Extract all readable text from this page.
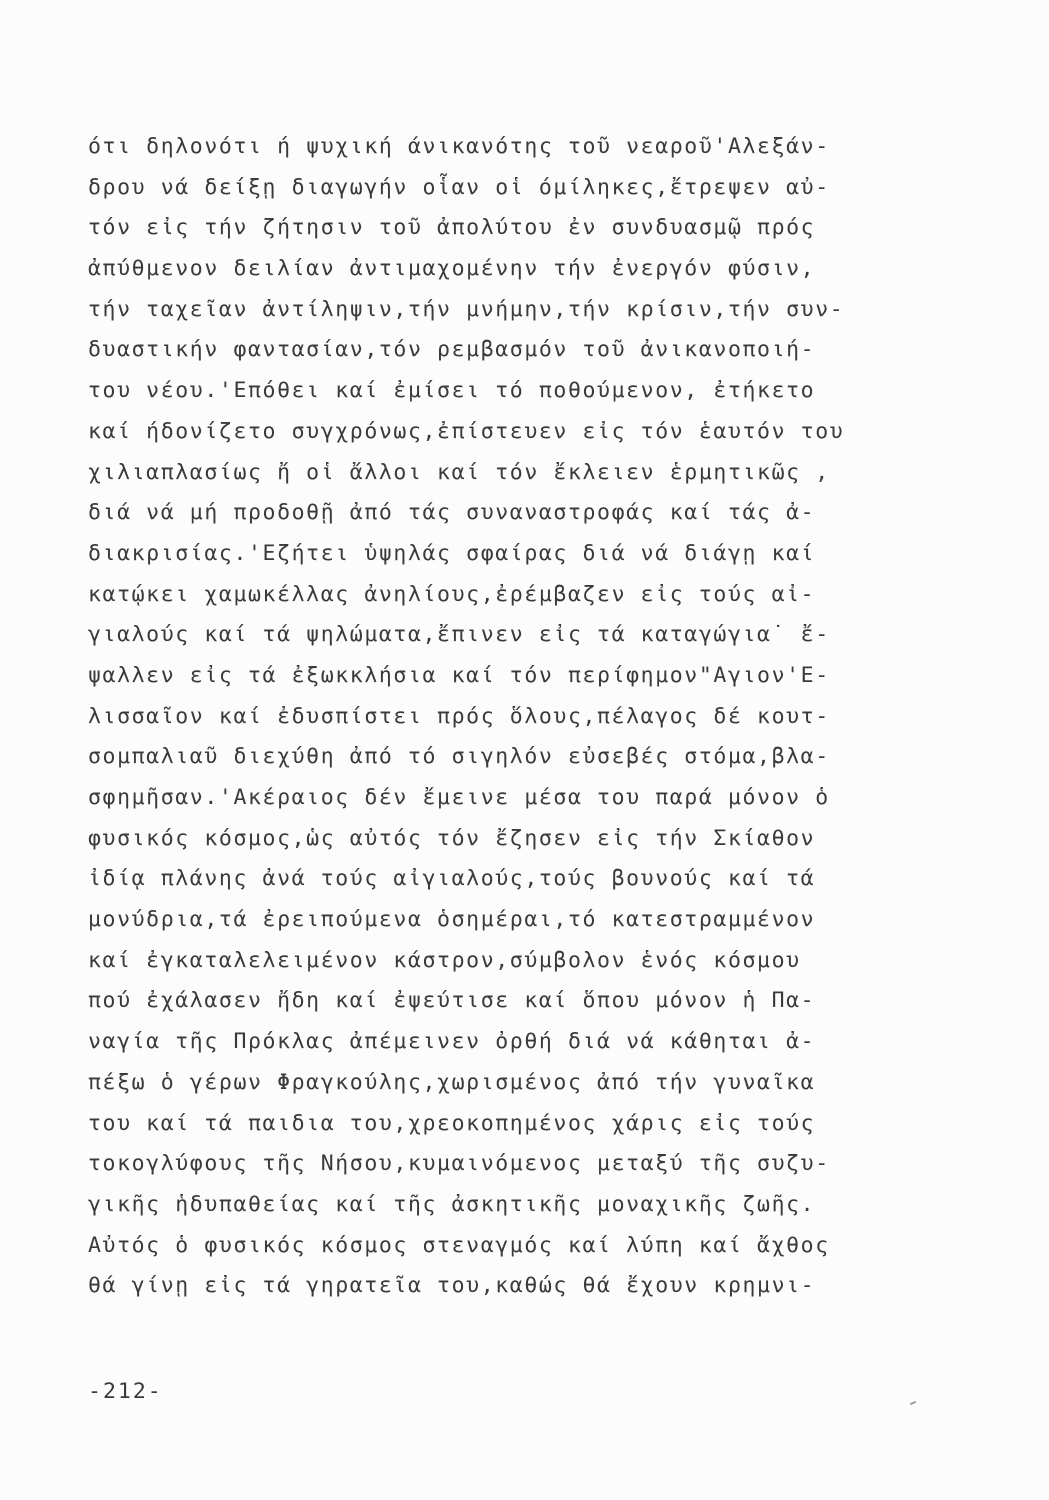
ότι δηλονότι ή ψυχική άνικανότης τοῦ νεαροῦ'Αλεξάν-
δρου νά δείξῃ διαγωγήν οἷαν οἱ όμίληκες,ἔτρεψεν αὐ-
τόν εἰς τήν ζήτησιν τοῦ ἀπολύτου ἐν συνδυασμῷ πρός
ἀπύθμενον δειλίαν ἀντιμαχομένην τήν ἐνεργόν φύσιν,
τήν ταχεῖαν ἀντίληψιν,τήν μνήμην,τήν κρίσιν,τήν συν-
δυαστικήν φαντασίαν,τόν ρεμβασμόν τοῦ ἀνικανοποιή-
του νέου.'Επόθει καί ἐμίσει τό ποθούμενον, ἐτήκετο
καί ήδονίζετο συγχρόνως,ἐπίστευεν εἰς τόν ἑαυτόν του
χιλιαπλασίως ἤ οἱ ἄλλοι καί τόν ἔκλειεν ἑρμητικῶς ,
διά νά μή προδοθῇ ἀπό τάς συναναστροφάς καί τάς ἀ-
διακρισίας.'Εζήτει ὑψηλάς σφαίρας διά νά διάγῃ καί
κατῴκει χαμωκέλλας ἀνηλίους,ἐρέμβαζεν εἰς τούς αἰ-
γιαλούς καί τά ψηλώματα,ἔπινεν εἰς τά καταγώγια˙ ἔ-
ψαλλεν εἰς τά ἐξωκκλήσια καί τόν περίφημον"Αγιον'Ε-
λισσαῖον καί ἐδυσπίστει πρός ὅλους,πέλαγος δέ κουτ-
σομπαλιαῦ διεχύθη ἀπό τό σιγηλόν εὐσεβές στόμα,βλα-
σφημῆσαν.'Ακέραιος δέν ἔμεινε μέσα του παρά μόνον ὁ
φυσικός κόσμος,ὡς αὐτός τόν ἔζησεν εἰς τήν Σκίαθον
ἰδίᾳ πλάνης ἀνά τούς αἰγιαλούς,τούς βουνούς καί τά
μονύδρια,τά ἐρειπούμενα ὁσημέραι,τό κατεστραμμένον
καί ἐγκαταλελειμένον κάστρον,σύμβολον ἑνός κόσμου
πού ἐχάλασεν ἤδη καί ἐψεύτισε καί ὅπου μόνον ἡ Πα-
ναγία τῆς Πρόκλας ἀπέμεινεν ὀρθή διά νά κάθηται ἀ-
πέξω ὁ γέρων Φραγκούλης,χωρισμένος ἀπό τήν γυναῖκα
του καί τά παιδια του,χρεοκοπημένος χάρις εἰς τούς
τοκογλύφους τῆς Νήσου,κυμαινόμενος μεταξύ τῆς συζυ-
γικῆς ἡδυπαθείας καί τῆς ἀσκητικῆς μοναχικῆς ζωῆς.
Αὐτός ὁ φυσικός κόσμος στεναγμός καί λύπη καί ἄχθος
θά γίνῃ εἰς τά γηρατεῖα του,καθώς θά ἔχουν κρημνι-
-212-
